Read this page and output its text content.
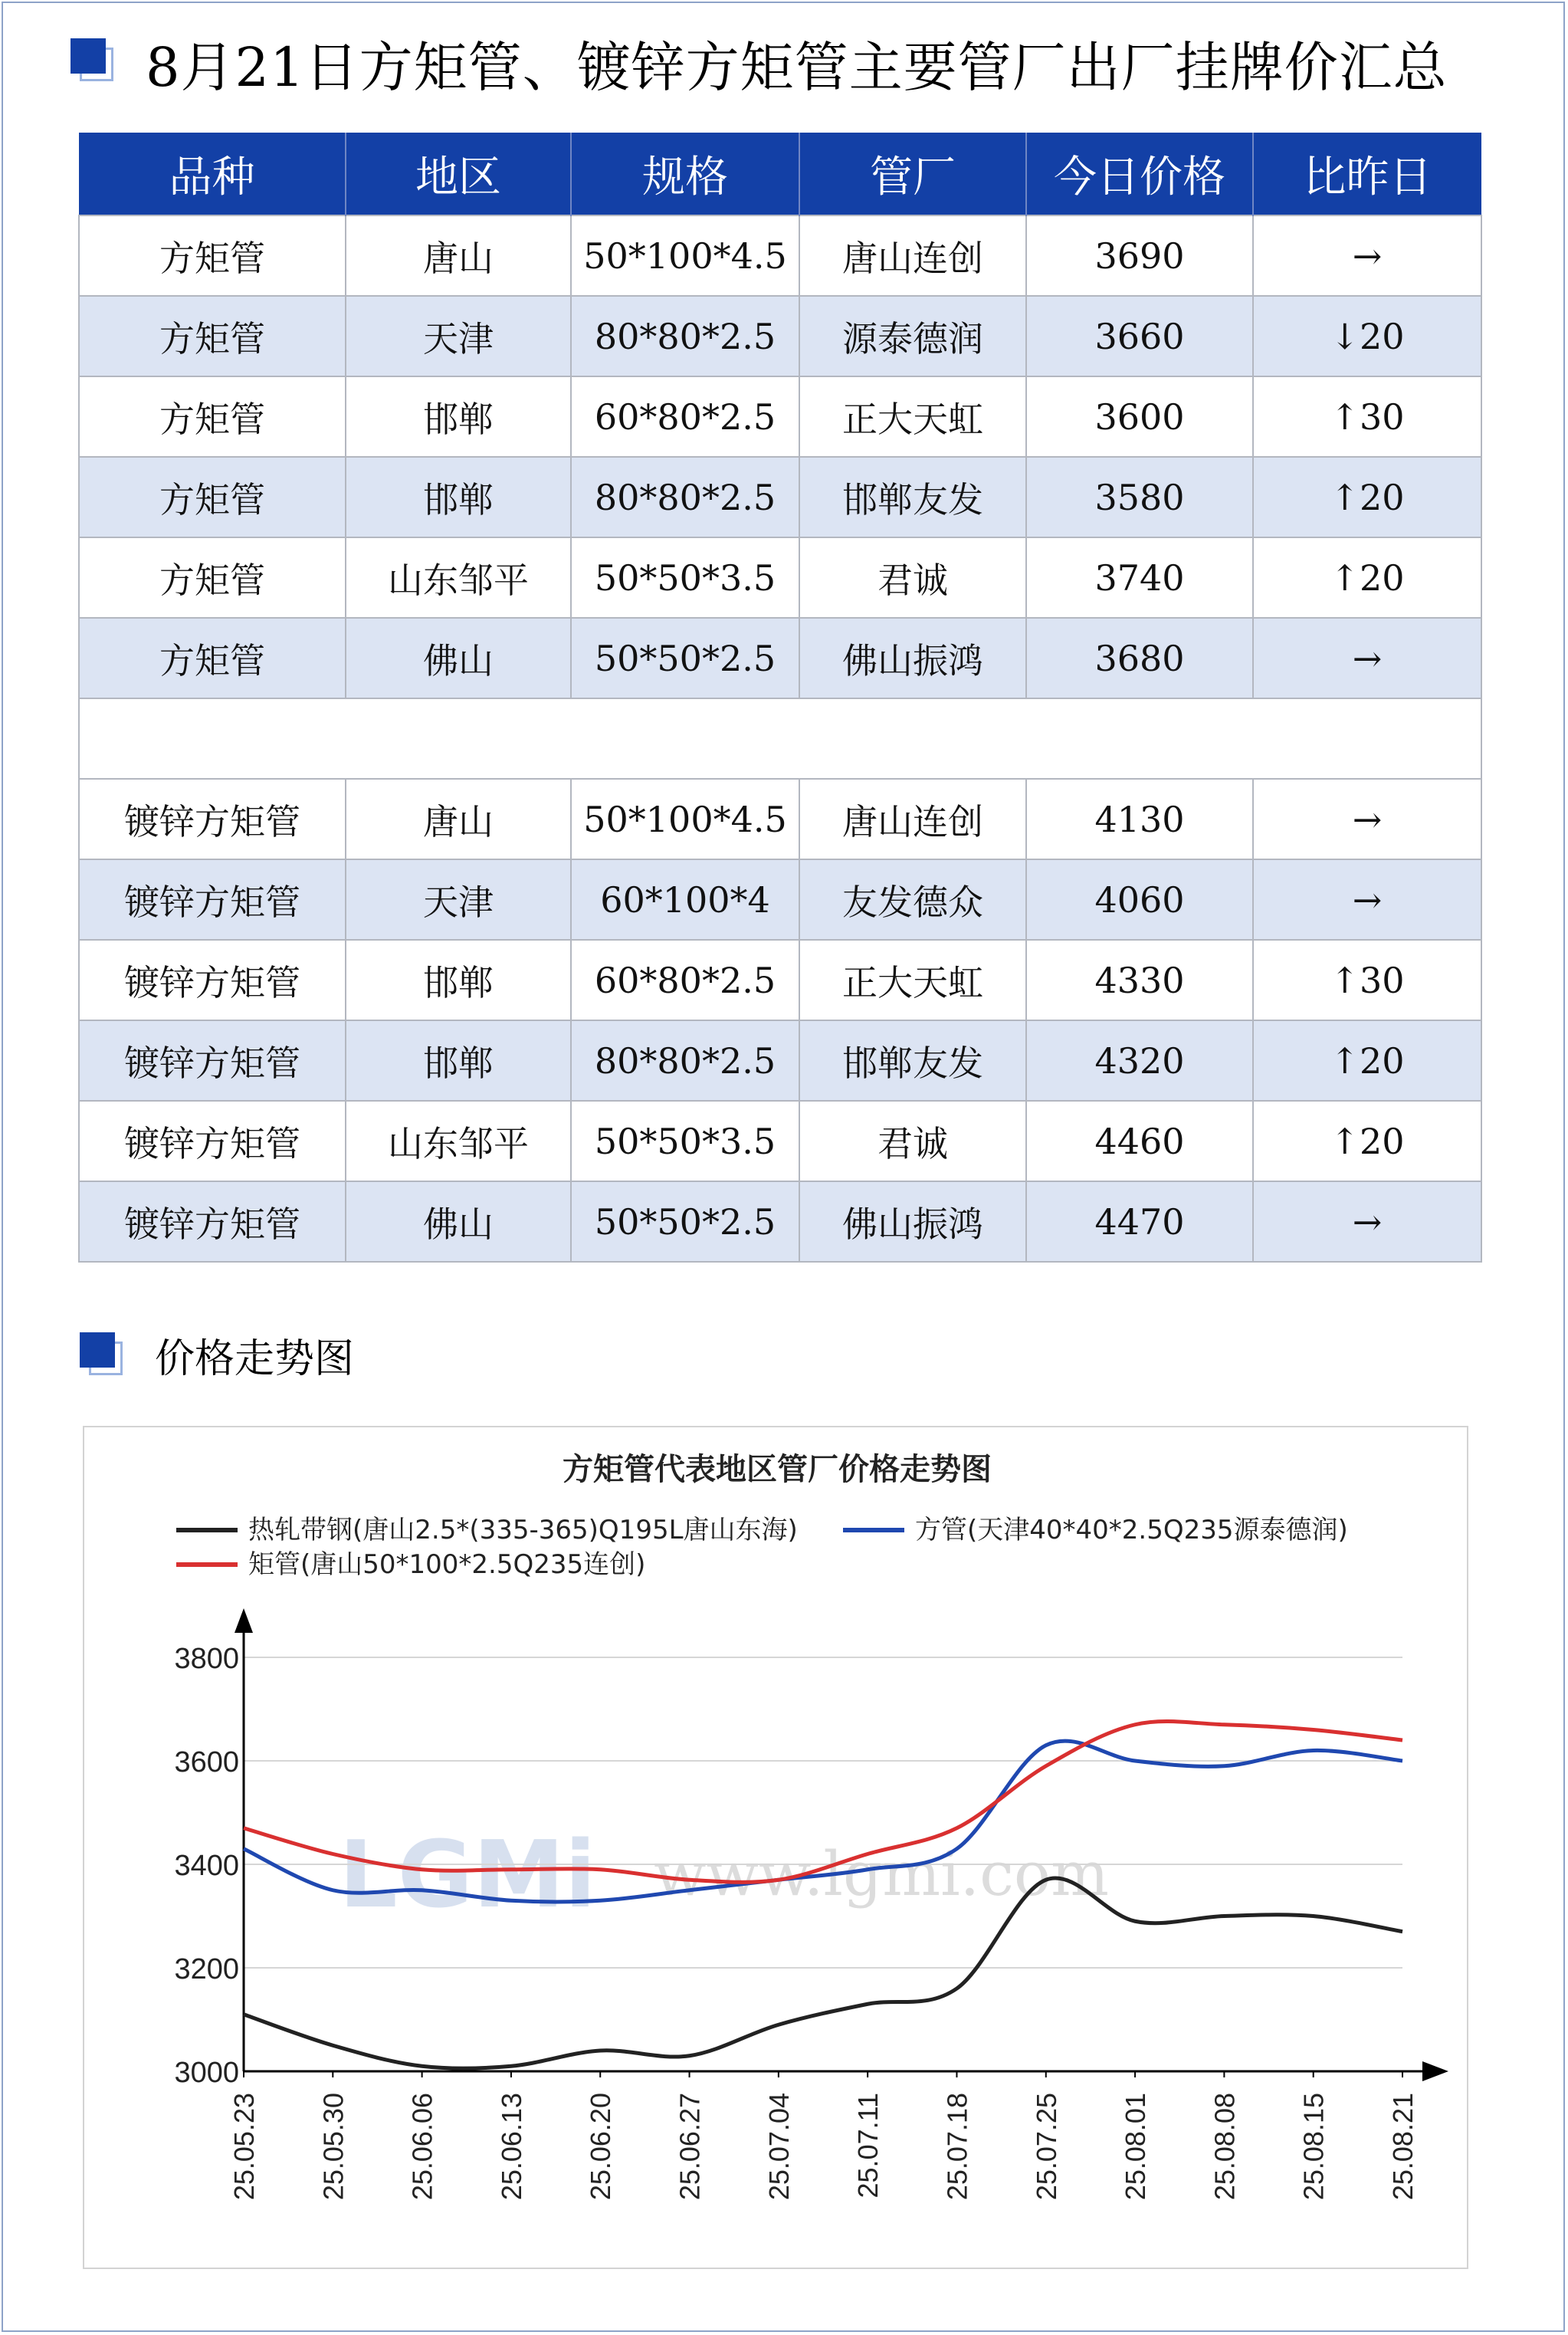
8月21日方矩管、镀锌方矩管主要管厂出厂挂牌价汇总
品种	地区	规格	管厂	今日价格	比昨日
方矩管	唐山	50*100*4.5	唐山连创	3690	→
方矩管	天津	80*80*2.5	源泰德润	3660	↓20
方矩管	邯郸	60*80*2.5	正大天虹	3600	↑30
方矩管	邯郸	80*80*2.5	邯郸友发	3580	↑20
方矩管	山东邹平	50*50*3.5	君诚	3740	↑20
方矩管	佛山	50*50*2.5	佛山振鸿	3680	→

镀锌方矩管	唐山	50*100*4.5	唐山连创	4130	→
镀锌方矩管	天津	60*100*4	友发德众	4060	→
镀锌方矩管	邯郸	60*80*2.5	正大天虹	4330	↑30
镀锌方矩管	邯郸	80*80*2.5	邯郸友发	4320	↑20
镀锌方矩管	山东邹平	50*50*3.5	君诚	4460	↑20
镀锌方矩管	佛山	50*50*2.5	佛山振鸿	4470	→
价格走势图
LGMi www.lgmi.com
方矩管代表地区管厂价格走势图
3000
3200
3400
3600
3800
25.05.23 25.05.30 25.06.06 25.06.13 25.06.20 25.06.27 25.07.04 25.07.11 25.07.18 25.07.25 25.08.01 25.08.08 25.08.15 25.08.21
热轧带钢(唐山2.5*(335-365)Q195L唐山东海)	方管(天津40*40*2.5Q235源泰德润)
矩管(唐山50*100*2.5Q235连创)
